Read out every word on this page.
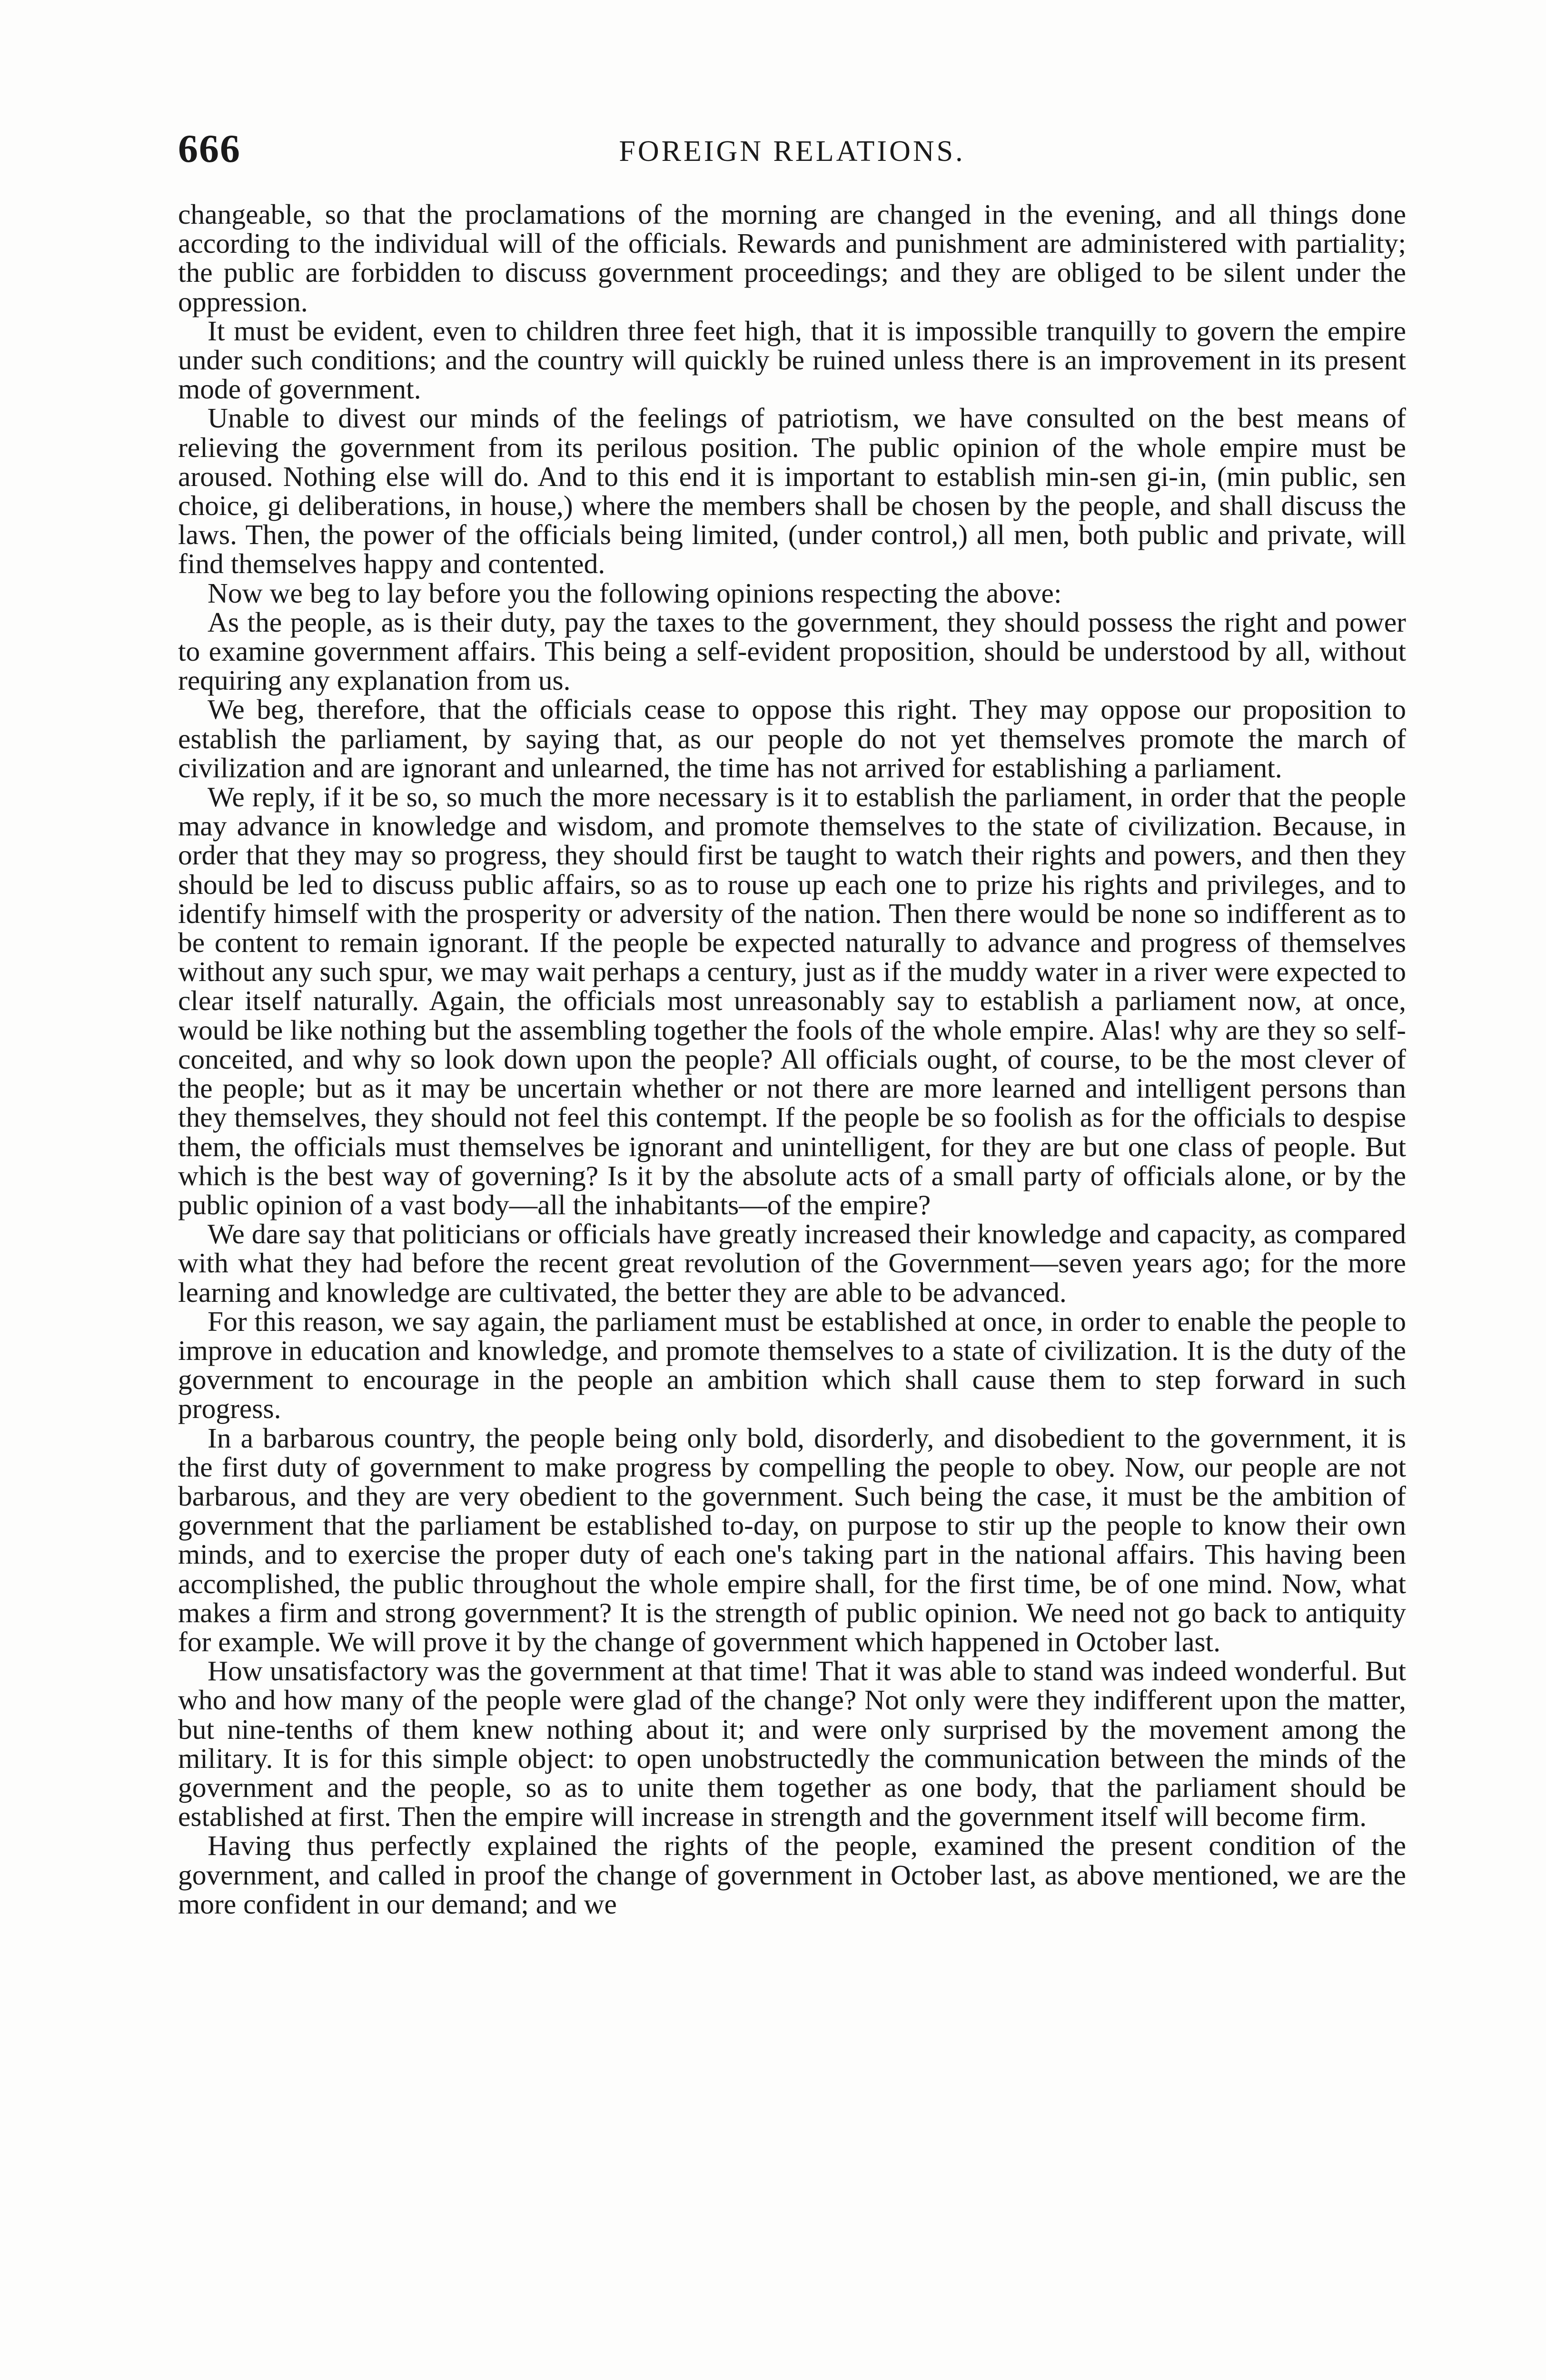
666	FOREIGN RELATIONS.

changeable, so that the proclamations of the morning are changed in the evening, and all things done according to the individual will of the officials. Rewards and punishment are administered with partiality; the public are forbidden to discuss government proceedings; and they are obliged to be silent under the oppression.

It must be evident, even to children three feet high, that it is impossible tranquilly to govern the empire under such conditions; and the country will quickly be ruined unless there is an improvement in its present mode of government.

Unable to divest our minds of the feelings of patriotism, we have consulted on the best means of relieving the government from its perilous position. The public opinion of the whole empire must be aroused. Nothing else will do. And to this end it is important to establish min-sen gi-in, (min public, sen choice, gi deliberations, in house,) where the members shall be chosen by the people, and shall discuss the laws. Then, the power of the officials being limited, (under control,) all men, both public and private, will find themselves happy and contented.

Now we beg to lay before you the following opinions respecting the above:

As the people, as is their duty, pay the taxes to the government, they should possess the right and power to examine government affairs. This being a self-evident proposition, should be understood by all, without requiring any explanation from us.

We beg, therefore, that the officials cease to oppose this right. They may oppose our proposition to establish the parliament, by saying that, as our people do not yet themselves promote the march of civilization and are ignorant and unlearned, the time has not arrived for establishing a parliament.

We reply, if it be so, so much the more necessary is it to establish the parliament, in order that the people may advance in knowledge and wisdom, and promote themselves to the state of civilization. Because, in order that they may so progress, they should first be taught to watch their rights and powers, and then they should be led to discuss public affairs, so as to rouse up each one to prize his rights and privileges, and to identify himself with the prosperity or adversity of the nation. Then there would be none so indifferent as to be content to remain ignorant. If the people be expected naturally to advance and progress of themselves without any such spur, we may wait perhaps a century, just as if the muddy water in a river were expected to clear itself naturally. Again, the officials most unreasonably say to establish a parliament now, at once, would be like nothing but the assembling together the fools of the whole empire. Alas! why are they so self-conceited, and why so look down upon the people? All officials ought, of course, to be the most clever of the people; but as it may be uncertain whether or not there are more learned and intelligent persons than they themselves, they should not feel this contempt. If the people be so foolish as for the officials to despise them, the officials must themselves be ignorant and unintelligent, for they are but one class of people. But which is the best way of governing? Is it by the absolute acts of a small party of officials alone, or by the public opinion of a vast body—all the inhabitants—of the empire?

We dare say that politicians or officials have greatly increased their knowledge and capacity, as compared with what they had before the recent great revolution of the Government—seven years ago; for the more learning and knowledge are cultivated, the better they are able to be advanced.

For this reason, we say again, the parliament must be established at once, in order to enable the people to improve in education and knowledge, and promote themselves to a state of civilization. It is the duty of the government to encourage in the people an ambition which shall cause them to step forward in such progress.

In a barbarous country, the people being only bold, disorderly, and disobedient to the government, it is the first duty of government to make progress by compelling the people to obey. Now, our people are not barbarous, and they are very obedient to the government. Such being the case, it must be the ambition of government that the parliament be established to-day, on purpose to stir up the people to know their own minds, and to exercise the proper duty of each one's taking part in the national affairs. This having been accomplished, the public throughout the whole empire shall, for the first time, be of one mind. Now, what makes a firm and strong government? It is the strength of public opinion. We need not go back to antiquity for example. We will prove it by the change of government which happened in October last.

How unsatisfactory was the government at that time! That it was able to stand was indeed wonderful. But who and how many of the people were glad of the change? Not only were they indifferent upon the matter, but nine-tenths of them knew nothing about it; and were only surprised by the movement among the military. It is for this simple object: to open unobstructedly the communication between the minds of the government and the people, so as to unite them together as one body, that the parliament should be established at first. Then the empire will increase in strength and the government itself will become firm.

Having thus perfectly explained the rights of the people, examined the present condition of the government, and called in proof the change of government in October last, as above mentioned, we are the more confident in our demand; and we
